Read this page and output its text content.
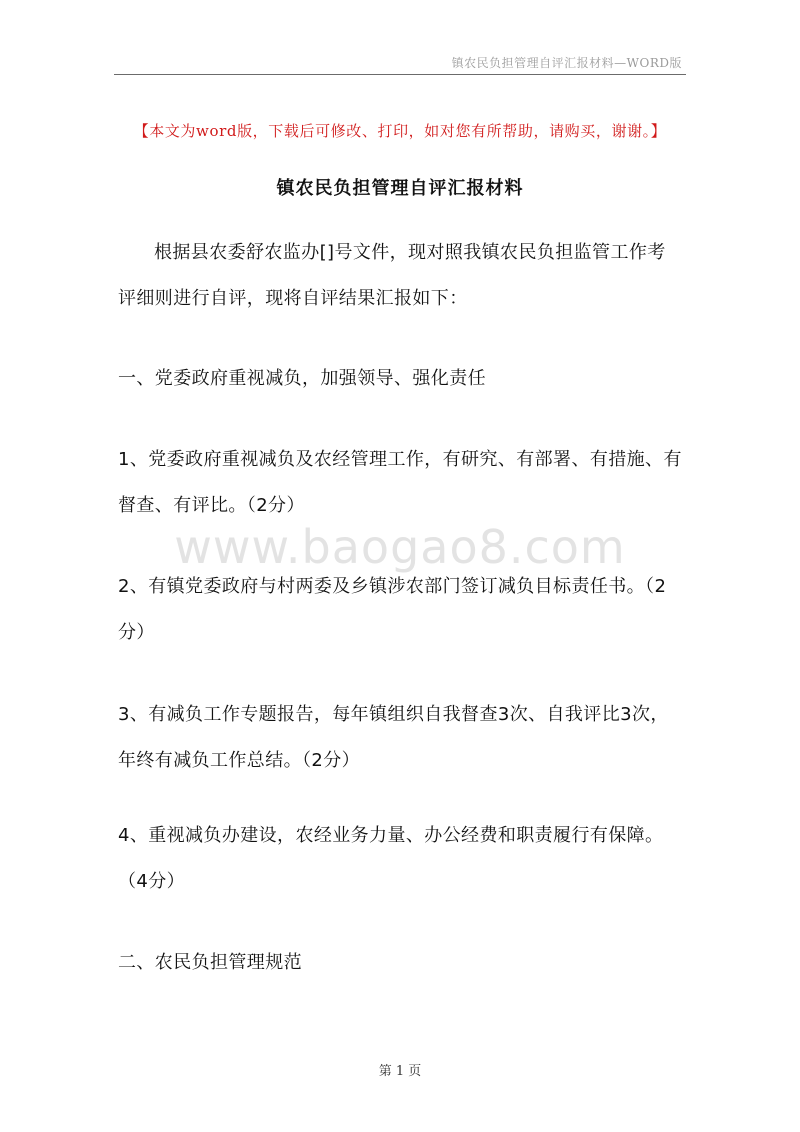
镇农民负担管理自评汇报材料—WORD版
【本文为word版，下载后可修改、打印，如对您有所帮助，请购买，谢谢。】
镇农民负担管理自评汇报材料

根据县农委舒农监办[]号文件，现对照我镇农民负担监管工作考评细则进行自评，现将自评结果汇报如下：

一、党委政府重视减负，加强领导、强化责任

1、党委政府重视减负及农经管理工作，有研究、有部署、有措施、有督查、有评比。（2分）

2、有镇党委政府与村两委及乡镇涉农部门签订减负目标责任书。（2分）

3、有减负工作专题报告，每年镇组织自我督查3次、自我评比3次，年终有减负工作总结。（2分）

4、重视减负办建设，农经业务力量、办公经费和职责履行有保障。（4分）

二、农民负担管理规范

www.baogao8.com
第 1 页
